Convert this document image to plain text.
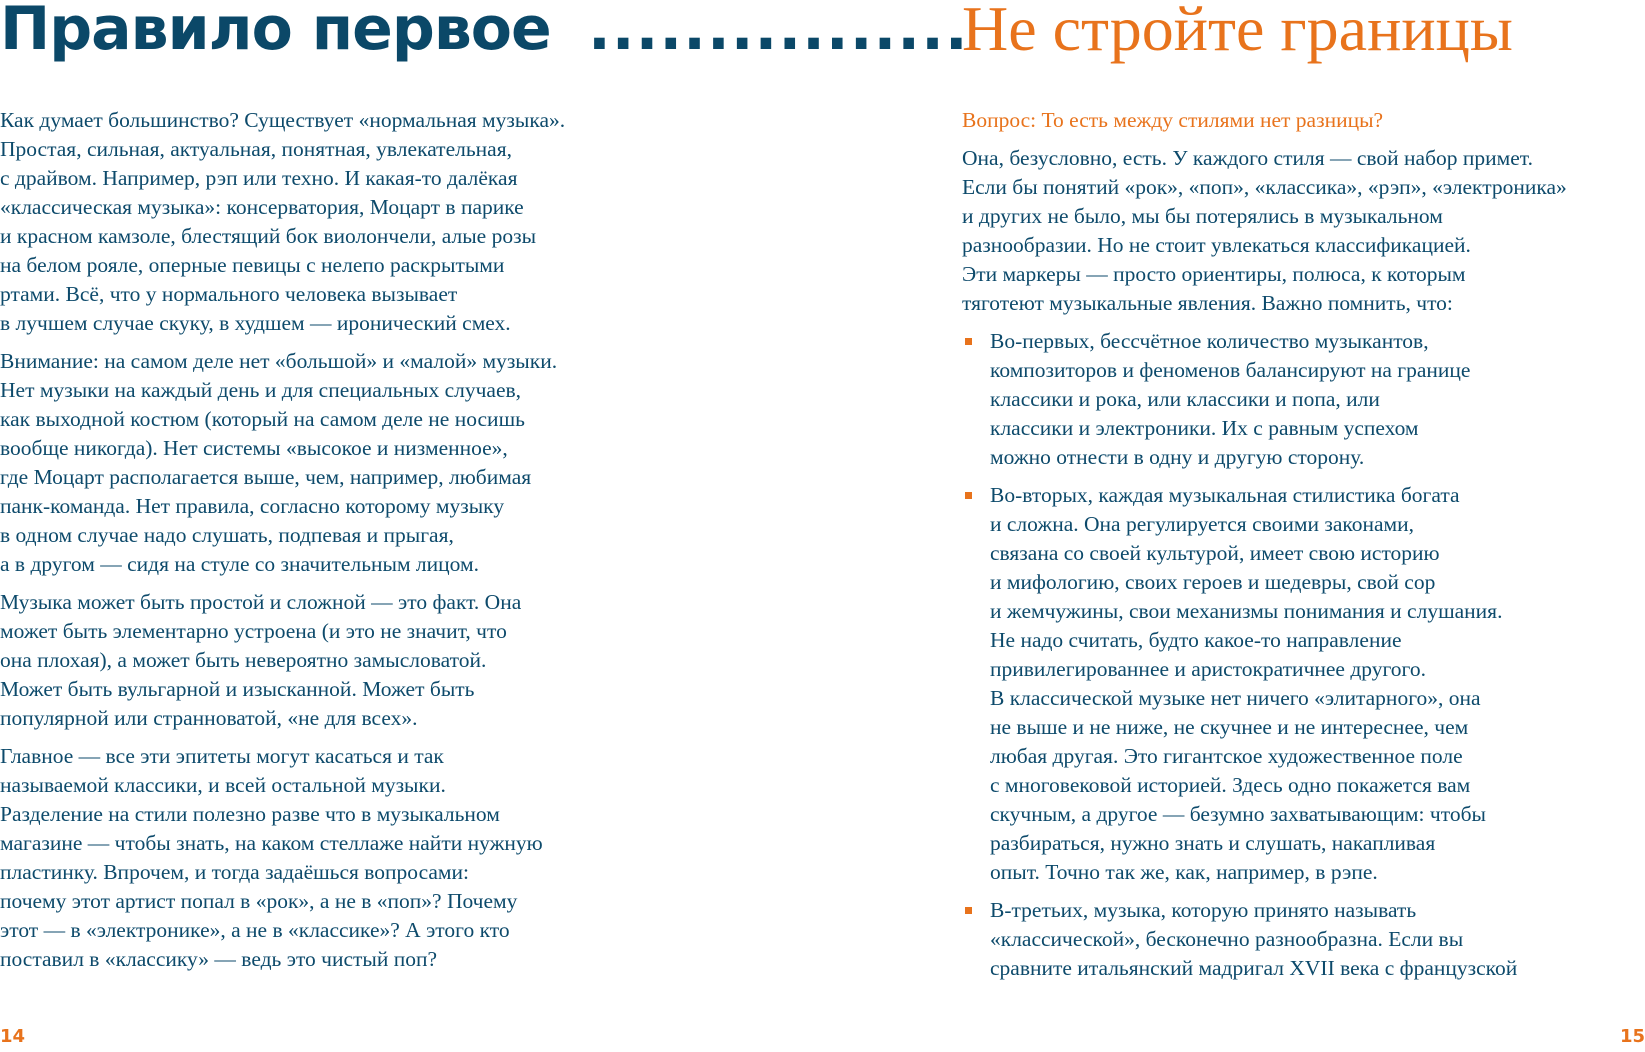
Правило первое ................
Не стройте границы

Как думает большинство? Существует «нормальная музыка».
Простая, сильная, актуальная, понятная, увлекательная,
с драйвом. Например, рэп или техно. И какая-то далёкая
«классическая музыка»: консерватория, Моцарт в парике
и красном камзоле, блестящий бок виолончели, алые розы
на белом рояле, оперные певицы с нелепо раскрытыми
ртами. Всё, что у нормального человека вызывает
в лучшем случае скуку, в худшем — иронический смех.

Внимание: на самом деле нет «большой» и «малой» музыки.
Нет музыки на каждый день и для специальных случаев,
как выходной костюм (который на самом деле не носишь
вообще никогда). Нет системы «высокое и низменное»,
где Моцарт располагается выше, чем, например, любимая
панк-команда. Нет правила, согласно которому музыку
в одном случае надо слушать, подпевая и прыгая,
а в другом — сидя на стуле со значительным лицом.

Музыка может быть простой и сложной — это факт. Она
может быть элементарно устроена (и это не значит, что
она плохая), а может быть невероятно замысловатой.
Может быть вульгарной и изысканной. Может быть
популярной или странноватой, «не для всех».

Главное — все эти эпитеты могут касаться и так
называемой классики, и всей остальной музыки.
Разделение на стили полезно разве что в музыкальном
магазине — чтобы знать, на каком стеллаже найти нужную
пластинку. Впрочем, и тогда задаёшься вопросами:
почему этот артист попал в «рок», а не в «поп»? Почему
этот — в «электронике», а не в «классике»? А этого кто
поставил в «классику» — ведь это чистый поп?

Вопрос: То есть между стилями нет разницы?

Она, безусловно, есть. У каждого стиля — свой набор примет.
Если бы понятий «рок», «поп», «классика», «рэп», «электроника»
и других не было, мы бы потерялись в музыкальном
разнообразии. Но не стоит увлекаться классификацией.
Эти маркеры — просто ориентиры, полюса, к которым
тяготеют музыкальные явления. Важно помнить, что:

Во-первых, бессчётное количество музыкантов,
композиторов и феноменов балансируют на границе
классики и рока, или классики и попа, или
классики и электроники. Их с равным успехом
можно отнести в одну и другую сторону.
Во-вторых, каждая музыкальная стилистика богата
и сложна. Она регулируется своими законами,
связана со своей культурой, имеет свою историю
и мифологию, своих героев и шедевры, свой сор
и жемчужины, свои механизмы понимания и слушания.
Не надо считать, будто какое-то направление
привилегированнее и аристократичнее другого.
В классической музыке нет ничего «элитарного», она
не выше и не ниже, не скучнее и не интереснее, чем
любая другая. Это гигантское художественное поле
с многовековой историей. Здесь одно покажется вам
скучным, а другое — безумно захватывающим: чтобы
разбираться, нужно знать и слушать, накапливая
опыт. Точно так же, как, например, в рэпе.
В-третьих, музыка, которую принято называть
«классической», бесконечно разнообразна. Если вы
сравните итальянский мадригал XVII века с французской
14	15
